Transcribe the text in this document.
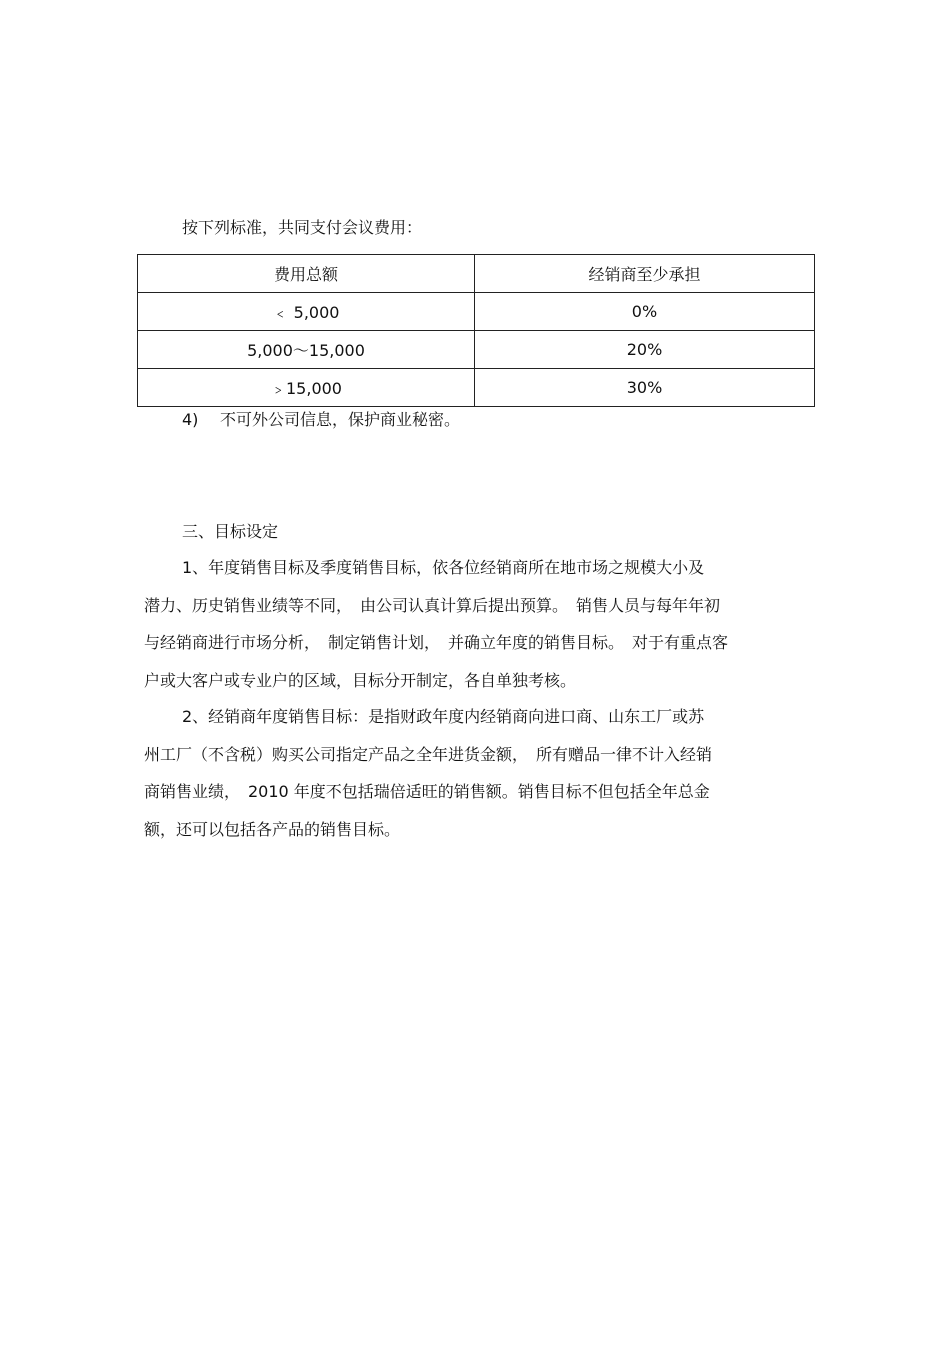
按下列标准，共同支付会议费用：
费用总额	经销商至少承担
﹤ 5,000	0%
5,000～15,000	20%
﹥15,000	30%
4) 不可外公司信息，保护商业秘密。
三、目标设定
1、年度销售目标及季度销售目标，依各位经销商所在地市场之规模大小及
潜力、历史销售业绩等不同，　由公司认真计算后提出预算。　销售人员与每年年初
与经销商进行市场分析，　制定销售计划，　并确立年度的销售目标。　对于有重点客
户或大客户或专业户的区域，目标分开制定，各自单独考核。
2、经销商年度销售目标：是指财政年度内经销商向进口商、山东工厂或苏
州工厂（不含税）购买公司指定产品之全年进货金额，　所有赠品一律不计入经销
商销售业绩，　2010 年度不包括瑞倍适旺的销售额。销售目标不但包括全年总金
额，还可以包括各产品的销售目标。
